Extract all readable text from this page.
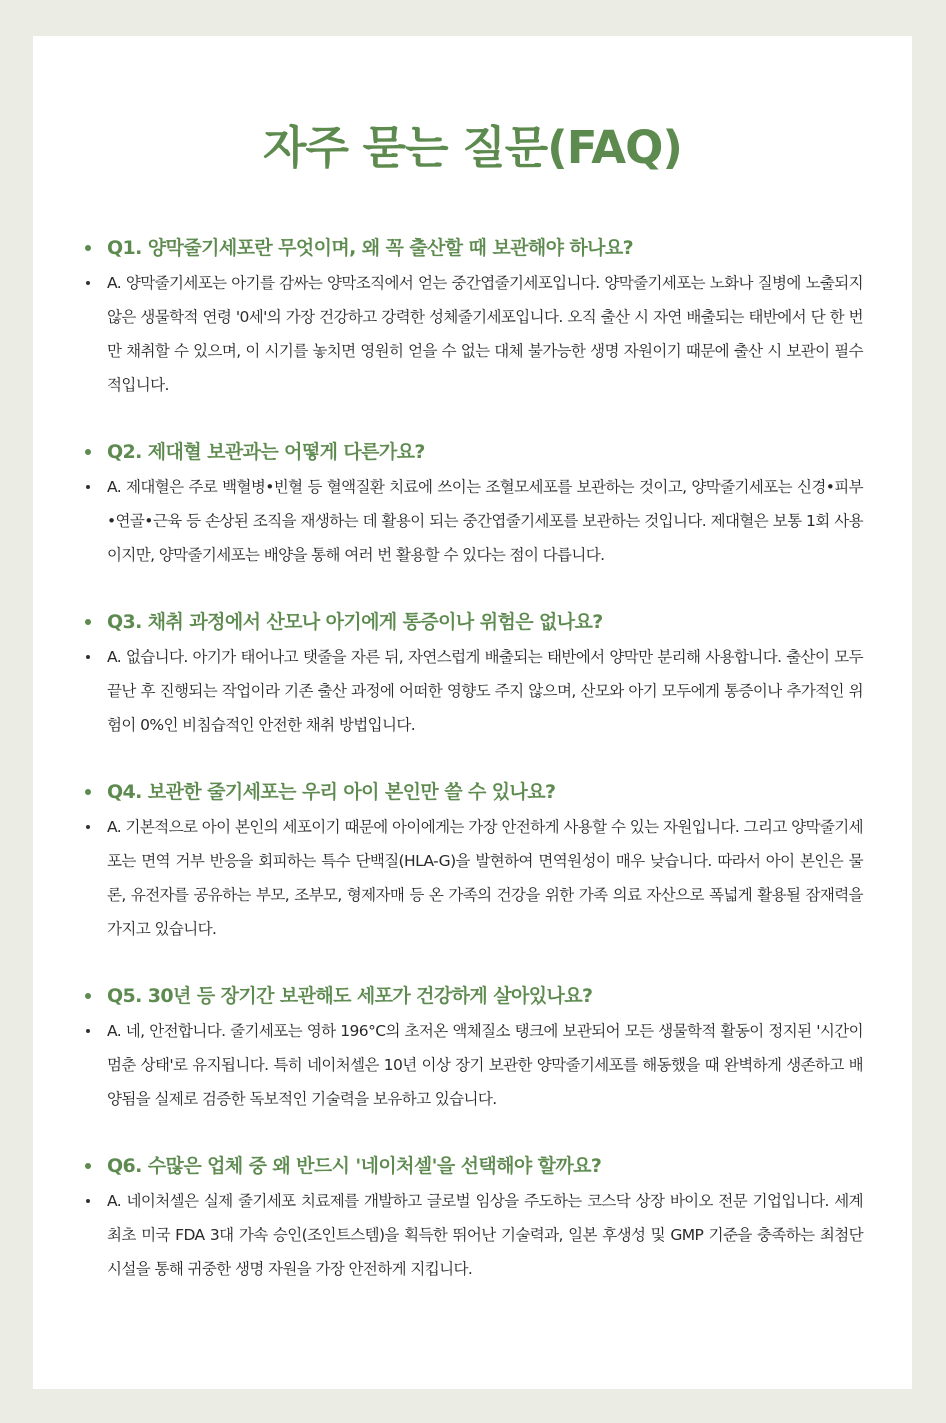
자주 묻는 질문(FAQ)
Q1. 양막줄기세포란 무엇이며, 왜 꼭 출산할 때 보관해야 하나요?
A. 양막줄기세포는 아기를 감싸는 양막조직에서 얻는 중간엽줄기세포입니다. 양막줄기세포는 노화나 질병에 노출되지 않은 생물학적 연령 '0세'의 가장 건강하고 강력한 성체줄기세포입니다. 오직 출산 시 자연 배출되는 태반에서 단 한 번만 채취할 수 있으며, 이 시기를 놓치면 영원히 얻을 수 없는 대체 불가능한 생명 자원이기 때문에 출산 시 보관이 필수적입니다.
Q2. 제대혈 보관과는 어떻게 다른가요?
A. 제대혈은 주로 백혈병•빈혈 등 혈액질환 치료에 쓰이는 조혈모세포를 보관하는 것이고, 양막줄기세포는 신경•피부•연골•근육 등 손상된 조직을 재생하는 데 활용이 되는 중간엽줄기세포를 보관하는 것입니다. 제대혈은 보통 1회 사용이지만, 양막줄기세포는 배양을 통해 여러 번 활용할 수 있다는 점이 다릅니다.
Q3. 채취 과정에서 산모나 아기에게 통증이나 위험은 없나요?
A. 없습니다. 아기가 태어나고 탯줄을 자른 뒤, 자연스럽게 배출되는 태반에서 양막만 분리해 사용합니다. 출산이 모두 끝난 후 진행되는 작업이라 기존 출산 과정에 어떠한 영향도 주지 않으며, 산모와 아기 모두에게 통증이나 추가적인 위험이 0%인 비침습적인 안전한 채취 방법입니다.
Q4. 보관한 줄기세포는 우리 아이 본인만 쓸 수 있나요?
A. 기본적으로 아이 본인의 세포이기 때문에 아이에게는 가장 안전하게 사용할 수 있는 자원입니다. 그리고 양막줄기세포는 면역 거부 반응을 회피하는 특수 단백질(HLA-G)을 발현하여 면역원성이 매우 낮습니다. 따라서 아이 본인은 물론, 유전자를 공유하는 부모, 조부모, 형제자매 등 온 가족의 건강을 위한 가족 의료 자산으로 폭넓게 활용될 잠재력을 가지고 있습니다.
Q5. 30년 등 장기간 보관해도 세포가 건강하게 살아있나요?
A. 네, 안전합니다. 줄기세포는 영하 196°C의 초저온 액체질소 탱크에 보관되어 모든 생물학적 활동이 정지된 '시간이 멈춘 상태'로 유지됩니다. 특히 네이처셀은 10년 이상 장기 보관한 양막줄기세포를 해동했을 때 완벽하게 생존하고 배양됨을 실제로 검증한 독보적인 기술력을 보유하고 있습니다.
Q6. 수많은 업체 중 왜 반드시 '네이처셀'을 선택해야 할까요?
A. 네이처셀은 실제 줄기세포 치료제를 개발하고 글로벌 임상을 주도하는 코스닥 상장 바이오 전문 기업입니다. 세계 최초 미국 FDA 3대 가속 승인(조인트스템)을 획득한 뛰어난 기술력과, 일본 후생성 및 GMP 기준을 충족하는 최첨단 시설을 통해 귀중한 생명 자원을 가장 안전하게 지킵니다.
